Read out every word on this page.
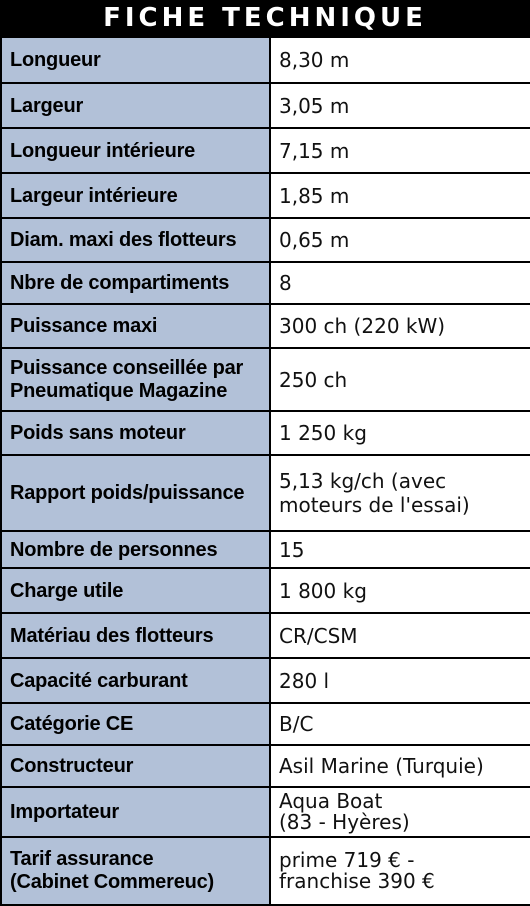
FICHE TECHNIQUE
Longueur	8,30 m
Largeur	3,05 m
Longueur intérieure	7,15 m
Largeur intérieure	1,85 m
Diam. maxi des flotteurs	0,65 m
Nbre de compartiments	8
Puissance maxi	300 ch (220 kW)
Puissance conseillée par
Pneumatique Magazine	250 ch
Poids sans moteur	1 250 kg
Rapport poids/puissance	5,13 kg/ch (avec
moteurs de l'essai)
Nombre de personnes	15
Charge utile	1 800 kg
Matériau des flotteurs	CR/CSM
Capacité carburant	280 l
Catégorie CE	B/C
Constructeur	Asil Marine (Turquie)
Importateur	Aqua Boat
(83 - Hyères)
Tarif assurance
(Cabinet Commereuc)	prime 719 € -
franchise 390 €
